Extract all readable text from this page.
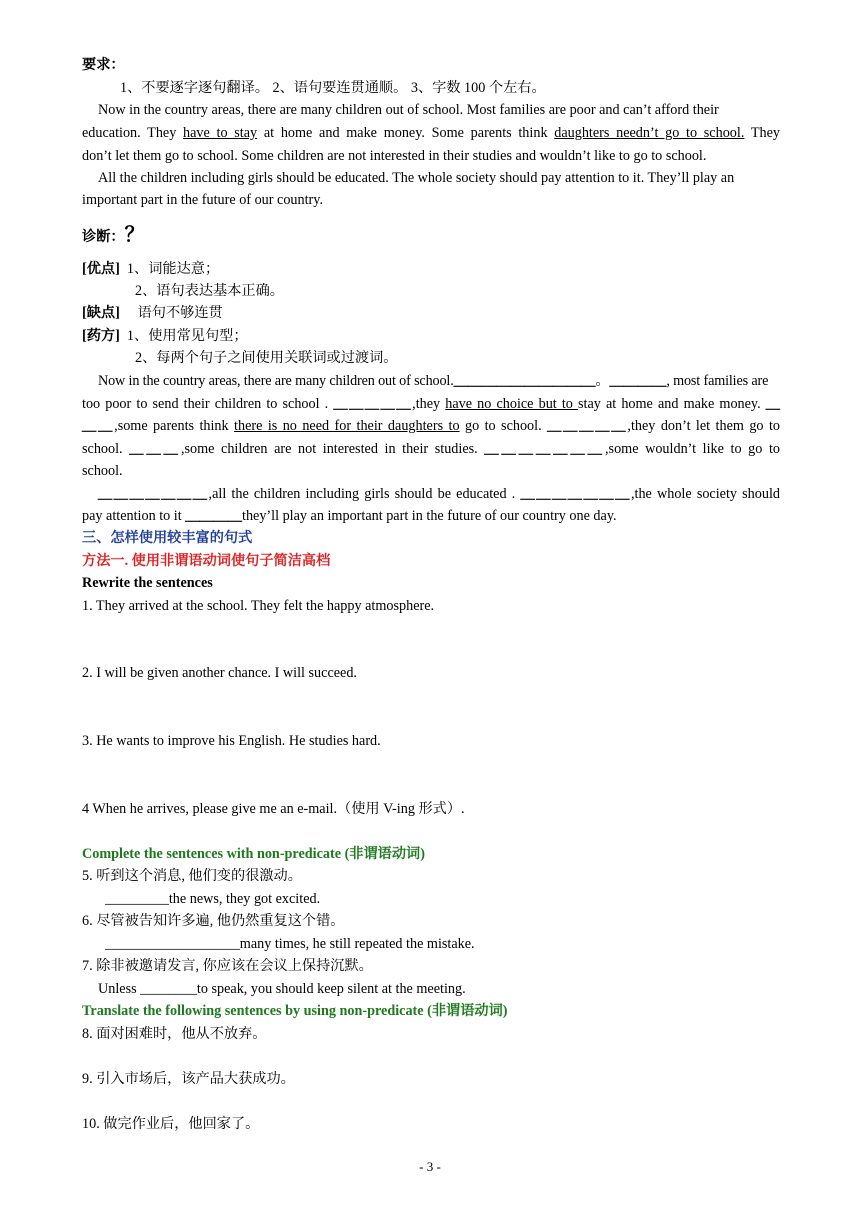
要求：
1、不要逐字逐句翻译。 2、语句要连贯通顺。 3、字数 100 个左右。
Now in the country areas, there are many children out of school. Most families are poor and can’t afford their
education. They have to stay at home and make money. Some parents think daughters needn’t go to school. They
don’t let them go to school. Some children are not interested in their studies and wouldn’t like to go to school.
All the children including girls should be educated. The whole society should pay attention to it. They’ll play an
important part in the future of our country.
诊断：？
[优点] 1、词能达意；
2、语句表达基本正确。
[缺点] 语句不够连贯
[药方] 1、使用常见句型；
2、每两个句子之间使用关联词或过渡词。
Now in the country areas, there are many children out of school.＿＿＿＿＿＿＿＿＿＿。＿＿＿＿, most families are
too poor to send their children to school . ＿＿＿＿＿,they have no choice but to stay at home and make money. ＿
＿＿,some parents think there is no need for their daughters to go to school. ＿＿＿＿＿,they don’t let them go to
school. ＿＿＿,some children are not interested in their studies. ＿＿＿＿＿＿＿,some wouldn’t like to go to
school.
＿＿＿＿＿＿＿,all the children including girls should be educated . ＿＿＿＿＿＿＿,the whole society should
pay attention to it ＿＿＿＿they’ll play an important part in the future of our country one day.
三、怎样使用较丰富的句式
方法一. 使用非谓语动词使句子简洁高档
Rewrite the sentences
1. They arrived at the school. They felt the happy atmosphere.
2. I will be given another chance. I will succeed.
3. He wants to improve his English. He studies hard.
4 When he arrives, please give me an e-mail.（使用 V-ing 形式）.
Complete the sentences with non-predicate (非谓语动词)
5. 听到这个消息, 他们变的很激动。
_________the news, they got excited.
6. 尽管被告知许多遍, 他仍然重复这个错。
___________________many times, he still repeated the mistake.
7. 除非被邀请发言, 你应该在会议上保持沉默。
Unless ________to speak, you should keep silent at the meeting.
Translate the following sentences by using non-predicate (非谓语动词)
8. 面对困难时，他从不放弃。
9. 引入市场后，该产品大获成功。
10. 做完作业后，他回家了。
- 3 -
